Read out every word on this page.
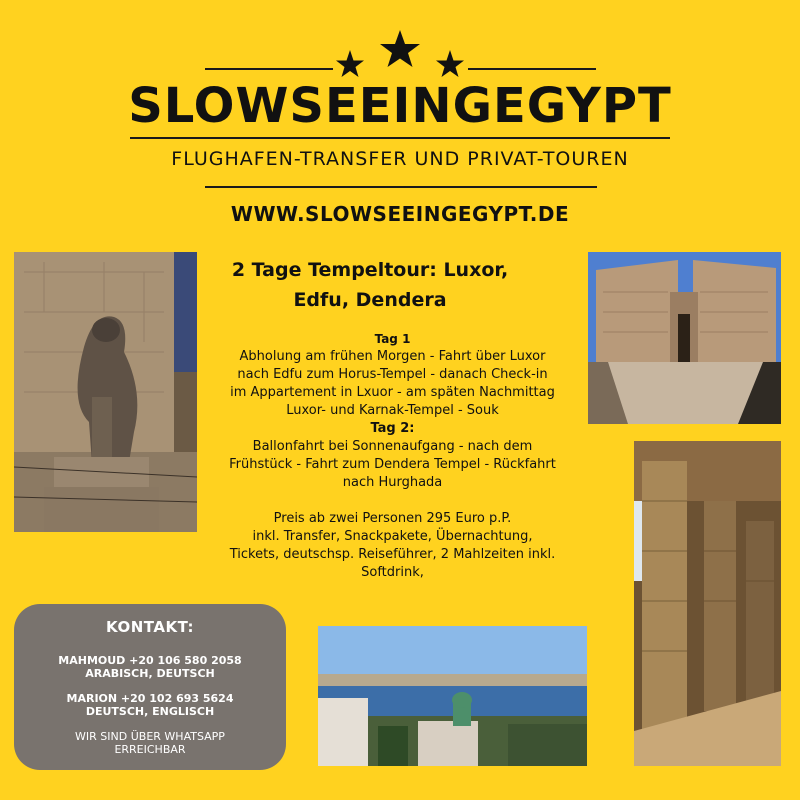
SLOWSEEINGEGYPT
FLUGHAFEN-TRANSFER UND PRIVAT-TOUREN
WWW.SLOWSEEINGEGYPT.DE
2 Tage Tempeltour: Luxor,
Edfu, Dendera

Tag 1

Abholung am frühen Morgen - Fahrt über Luxor

nach Edfu zum Horus-Tempel - danach Check-in

im Appartement in Lxuor - am späten Nachmittag

Luxor- und Karnak-Tempel - Souk

Tag 2:

Ballonfahrt bei Sonnenaufgang - nach dem

Frühstück - Fahrt zum Dendera Tempel - Rückfahrt

nach Hurghada

Preis ab zwei Personen 295 Euro p.P.

inkl. Transfer, Snackpakete, Übernachtung,

Tickets, deutschsp. Reiseführer, 2 Mahlzeiten inkl.

Softdrink,

KONTAKT:
MAHMOUD +20 106 580 2058
ARABISCH, DEUTSCH
MARION +20 102 693 5624
DEUTSCH, ENGLISCH
WIR SIND ÜBER WHATSAPP
ERREICHBAR
